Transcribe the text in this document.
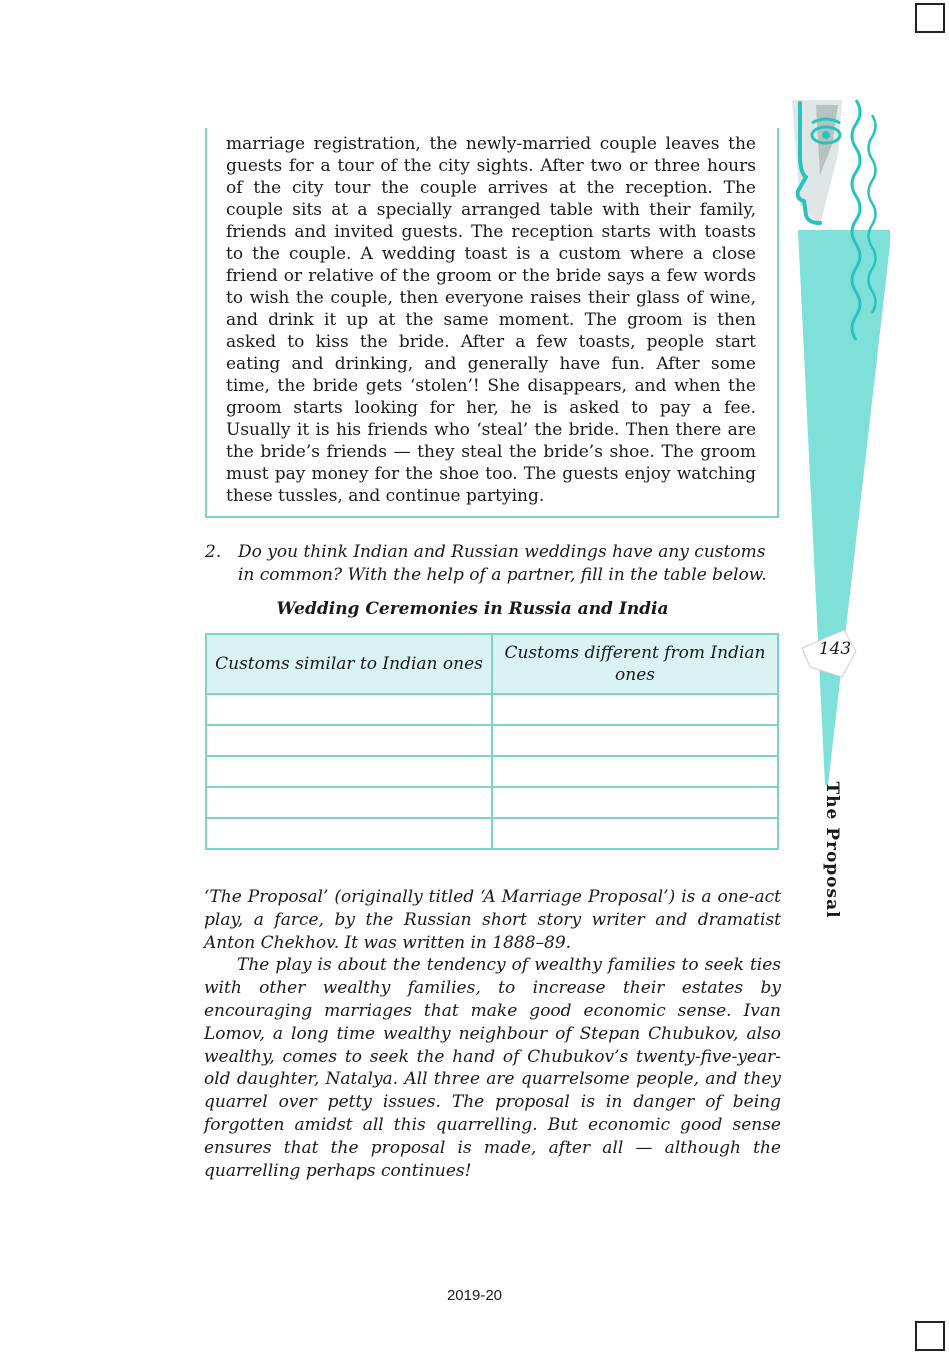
marriage registration, the newly-married couple leaves the guests for a tour of the city sights. After two or three hours of the city tour the couple arrives at the reception. The couple sits at a specially arranged table with their family, friends and invited guests. The reception starts with toasts to the couple. A wedding toast is a custom where a close friend or relative of the groom or the bride says a few words to wish the couple, then everyone raises their glass of wine, and drink it up at the same moment. The groom is then asked to kiss the bride. After a few toasts, people start eating and drinking, and generally have fun. After some time, the bride gets ‘stolen’! She disappears, and when the groom starts looking for her, he is asked to pay a fee. Usually it is his friends who ‘steal’ the bride. Then there are the bride’s friends — they steal the bride’s shoe. The groom must pay money for the shoe too. The guests enjoy watching these tussles, and continue partying.

2. Do you think Indian and Russian weddings have any customs in common? With the help of a partner, fill in the table below.

Wedding Ceremonies in Russia and India

Customs similar to Indian ones	Customs different from Indian ones

‘The Proposal’ (originally titled ‘A Marriage Proposal’) is a one-act play, a farce, by the Russian short story writer and dramatist Anton Chekhov. It was written in 1888–89.

The play is about the tendency of wealthy families to seek ties with other wealthy families, to increase their estates by encouraging marriages that make good economic sense. Ivan Lomov, a long time wealthy neighbour of Stepan Chubukov, also wealthy, comes to seek the hand of Chubukov’s twenty-five-year-old daughter, Natalya. All three are quarrelsome people, and they quarrel over petty issues. The proposal is in danger of being forgotten amidst all this quarrelling. But economic good sense ensures that the proposal is made, after all — although the quarrelling perhaps continues!

143
The Proposal
2019-20
